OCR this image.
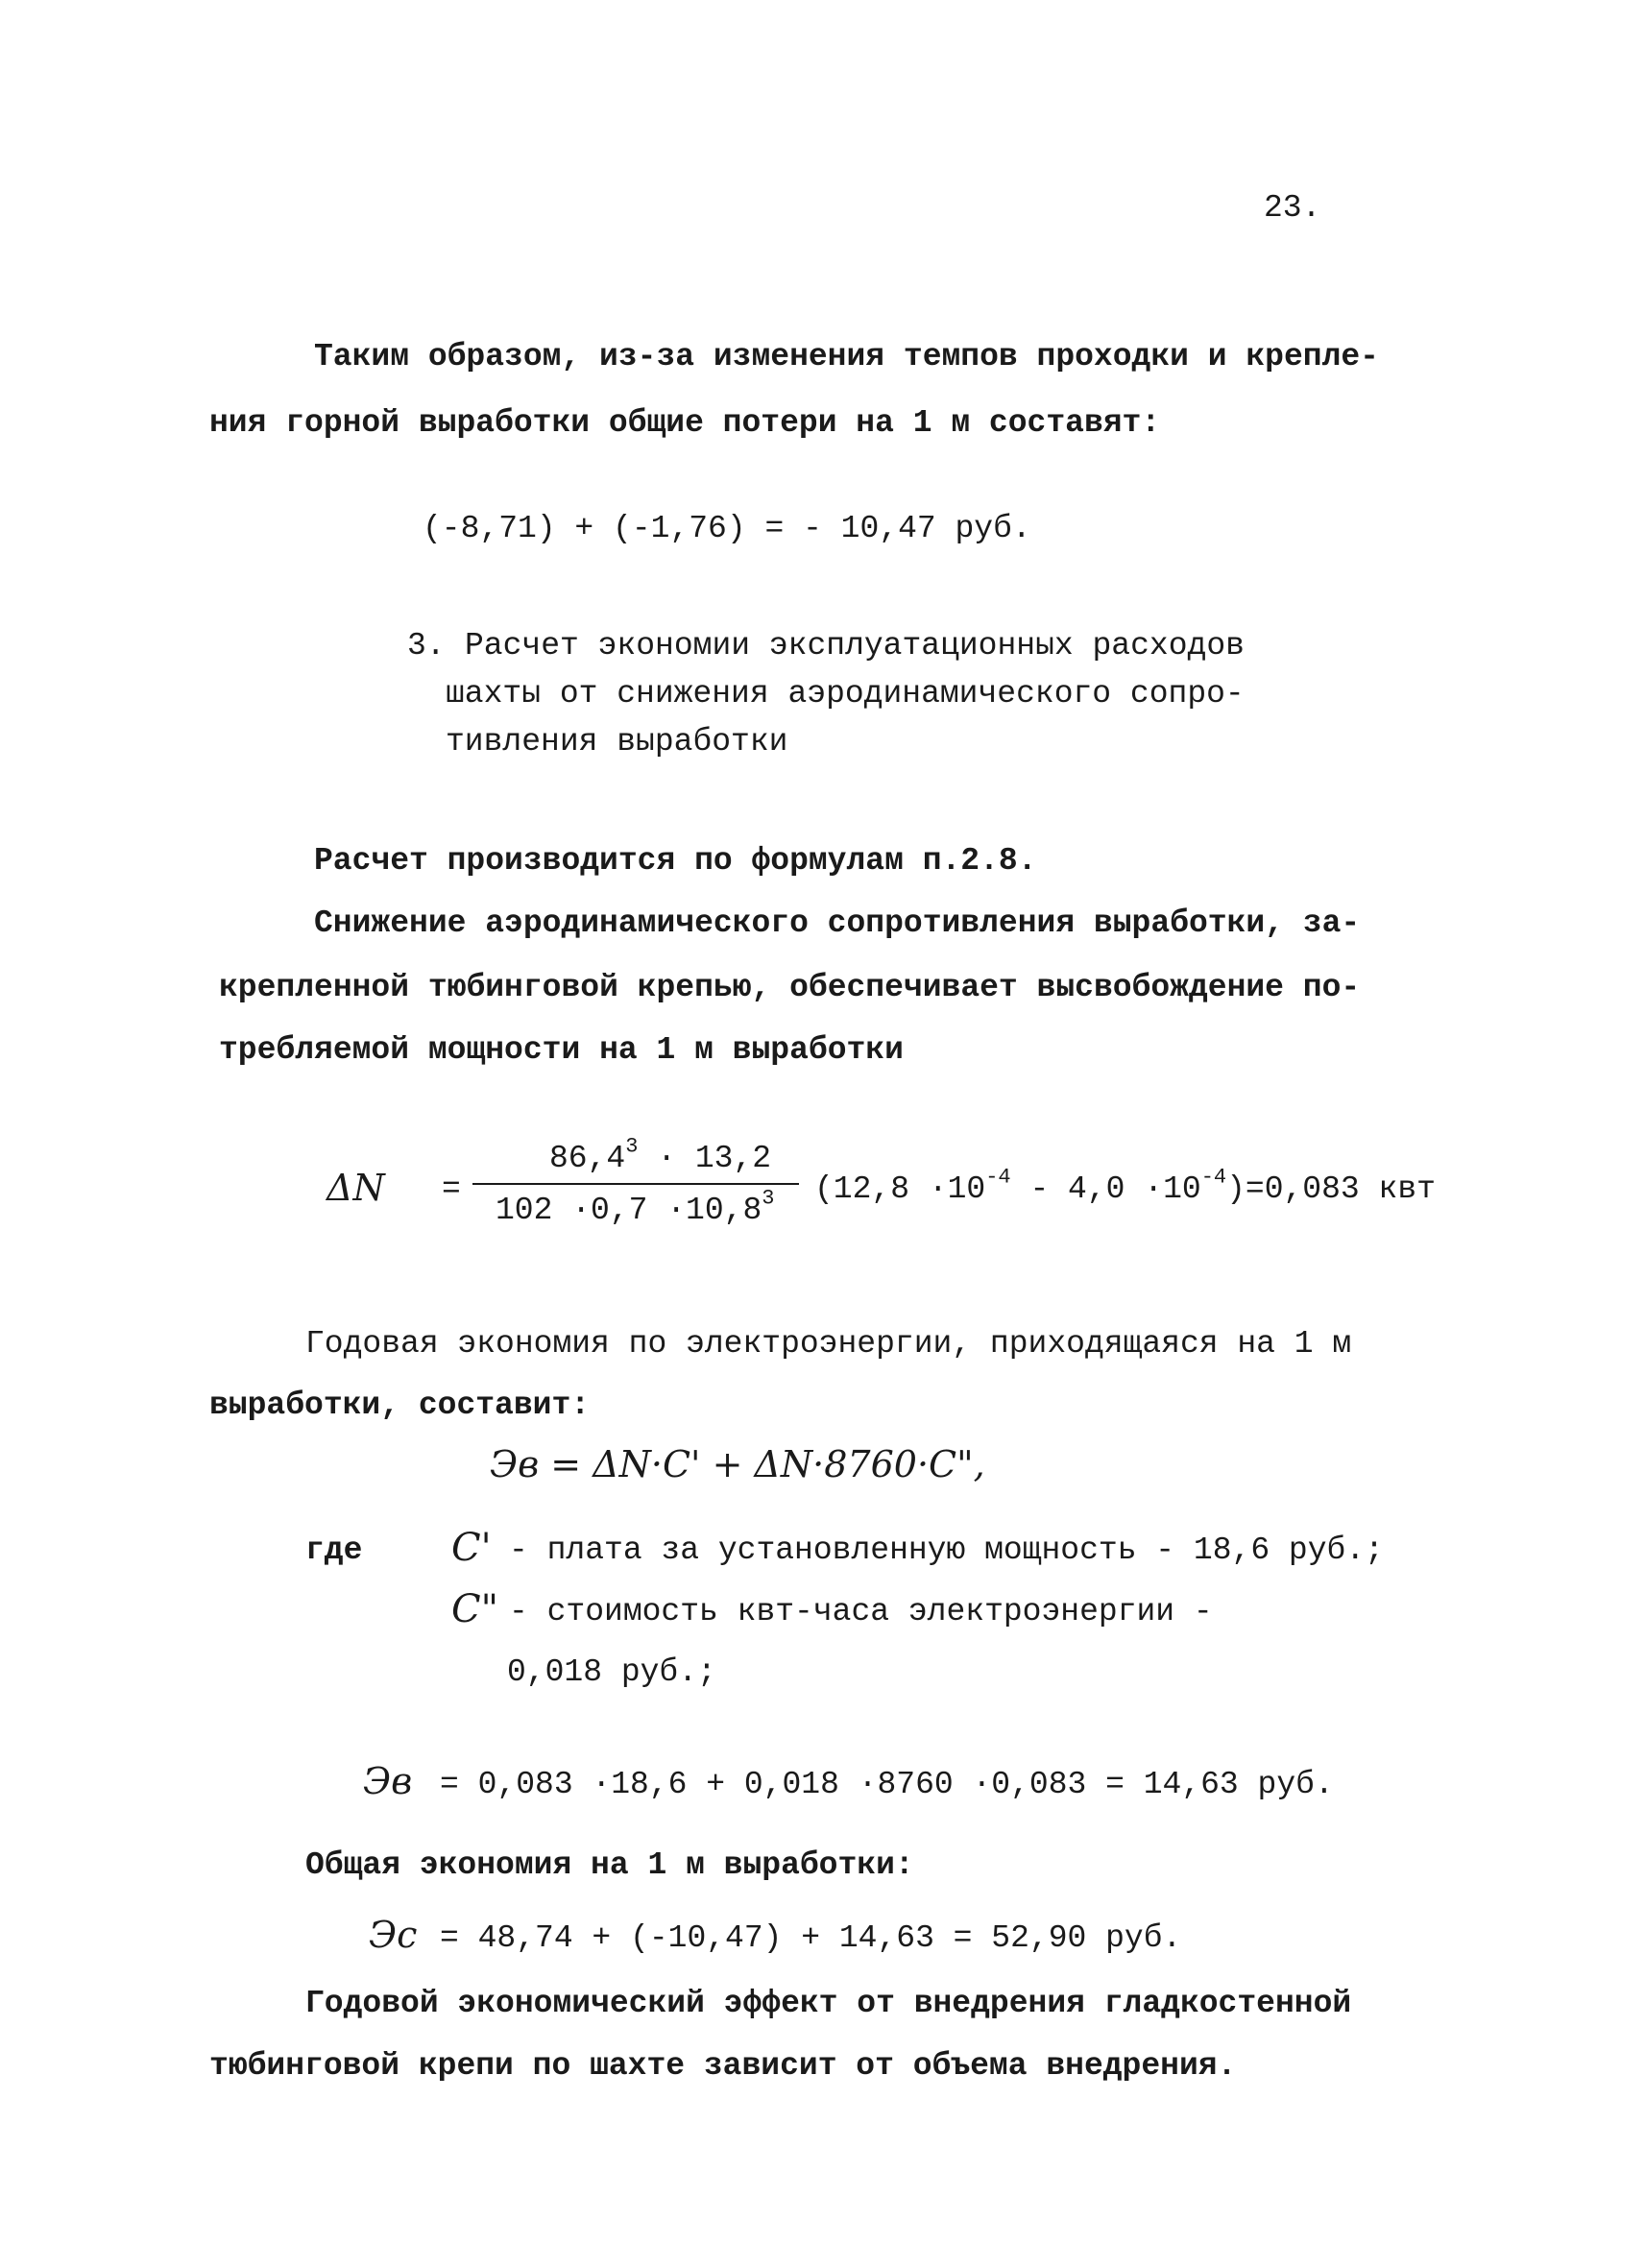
23.
Таким образом, из-за изменения темпов проходки и крепле-
ния горной выработки общие потери на 1 м составят:
(-8,71) + (-1,76) = - 10,47 руб.
3. Расчет экономии эксплуатационных расходов
шахты от снижения аэродинамического сопро-
тивления выработки
Расчет производится по формулам п.2.8.
Снижение аэродинамического сопротивления выработки, за-
крепленной тюбинговой крепью, обеспечивает высвобождение по-
требляемой мощности на 1 м выработки
ΔN =
$86,4^3 \cdot 13,2$
$102 \cdot 0,7 \cdot 10,8^3$ $(12,8 \cdot 10^{-4} - 4,0 \cdot 10^{-4})=0,083$ квт
Годовая экономия по электроэнергии, приходящаяся на 1 м
выработки, составит:
Эв = ΔN·C' + ΔN·8760·C",
где C' - плата за установленную мощность - 18,6 руб.;
C" - стоимость квт-часа электроэнергии -
0,018 руб.;
Эв = 0,083 ·18,6 + 0,018 ·8760 ·0,083 = 14,63 руб.
Общая экономия на 1 м выработки:
Эс = 48,74 + (-10,47) + 14,63 = 52,90 руб.
Годовой экономический эффект от внедрения гладкостенной
тюбинговой крепи по шахте зависит от объема внедрения.
